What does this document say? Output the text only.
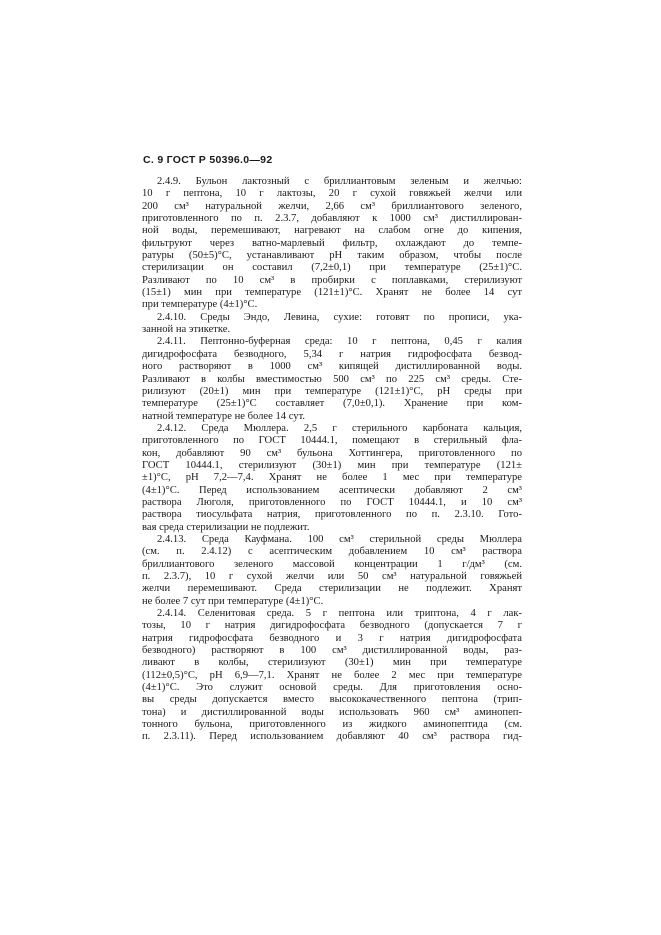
С. 9 ГОСТ Р 50396.0—92
2.4.9. Бульон лактозный с бриллиантовым зеленым и желчью:
10 г пептона, 10 г лактозы, 20 г сухой говяжьей желчи или
200 см³ натуральной желчи, 2,66 см³ бриллиантового зеленого,
приготовленного по п. 2.3.7, добавляют к 1000 см³ дистиллирован-
ной воды, перемешивают, нагревают на слабом огне до кипения,
фильтруют через ватно-марлевый фильтр, охлаждают до темпе-
ратуры (50±5)°С, устанавливают рН таким образом, чтобы после
стерилизации он составил (7,2±0,1) при температуре (25±1)°С.
Разливают по 10 см³ в пробирки с поплавками, стерилизуют
(15±1) мин при температуре (121±1)°С. Хранят не более 14 сут
при температуре (4±1)°С.
2.4.10. Среды Эндо, Левина, сухие: готовят по прописи, ука-
занной на этикетке.
2.4.11. Пептонно-буферная среда: 10 г пептона, 0,45 г калия
дигидрофосфата безводного, 5,34 г натрия гидрофосфата безвод-
ного растворяют в 1000 см³ кипящей дистиллированной воды.
Разливают в колбы вместимостью 500 см³ по 225 см³ среды. Сте-
рилизуют (20±1) мин при температуре (121±1)°С, рН среды при
температуре (25±1)°С составляет (7,0±0,1). Хранение при ком-
натной температуре не более 14 сут.
2.4.12. Среда Мюллера. 2,5 г стерильного карбоната кальция,
приготовленного по ГОСТ 10444.1, помещают в стерильный фла-
кон, добавляют 90 см³ бульона Хоттингера, приготовленного по
ГОСТ 10444.1, стерилизуют (30±1) мин при температуре (121±
±1)°С, рН 7,2—7,4. Хранят не более 1 мес при температуре
(4±1)°С. Перед использованием асептически добавляют 2 см³
раствора Люголя, приготовленного по ГОСТ 10444.1, и 10 см³
раствора тиосульфата натрия, приготовленного по п. 2.3.10. Гото-
вая среда стерилизации не подлежит.
2.4.13. Среда Кауфмана. 100 см³ стерильной среды Мюллера
(см. п. 2.4.12) с асептическим добавлением 10 см³ раствора
бриллиантового зеленого массовой концентрации 1 г/дм³ (см.
п. 2.3.7), 10 г сухой желчи или 50 см³ натуральной говяжьей
желчи перемешивают. Среда стерилизации не подлежит. Хранят
не более 7 сут при температуре (4±1)°С.
2.4.14. Селенитовая среда. 5 г пептона или триптона, 4 г лак-
тозы, 10 г натрия дигидрофосфата безводного (допускается 7 г
натрия гидрофосфата безводного и 3 г натрия дигидрофосфата
безводного) растворяют в 100 см³ дистиллированной воды, раз-
ливают в колбы, стерилизуют (30±1) мин при температуре
(112±0,5)°С, рН 6,9—7,1. Хранят не более 2 мес при температуре
(4±1)°С. Это служит основой среды. Для приготовления осно-
вы среды допускается вместо высококачественного пептона (трип-
тона) и дистиллированной воды использовать 960 см³ аминопеп-
тонного бульона, приготовленного из жидкого аминопептида (см.
п. 2.3.11). Перед использованием добавляют 40 см³ раствора гид-
